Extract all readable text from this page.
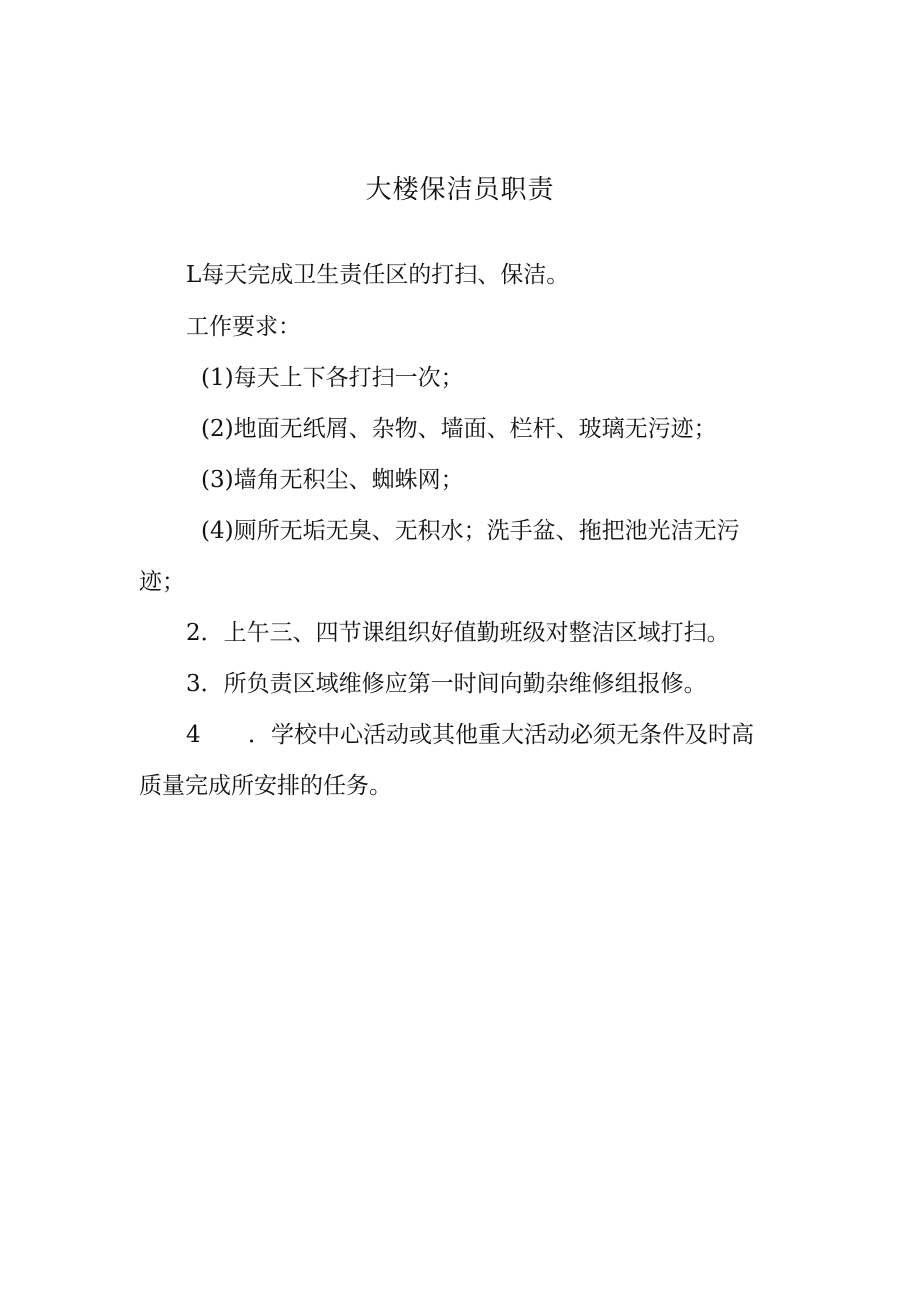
大楼保洁员职责
L每天完成卫生责任区的打扫、保洁。
工作要求：
(1)每天上下各打扫一次；
(2)地面无纸屑、杂物、墙面、栏杆、玻璃无污迹；
(3)墙角无积尘、蜘蛛网；
(4)厕所无垢无臭、无积水；洗手盆、拖把池光洁无污
迹；
2．上午三、四节课组织好值勤班级对整洁区域打扫。
3．所负责区域维修应第一时间向勤杂维修组报修。
4 ．学校中心活动或其他重大活动必须无条件及时高
质量完成所安排的任务。
